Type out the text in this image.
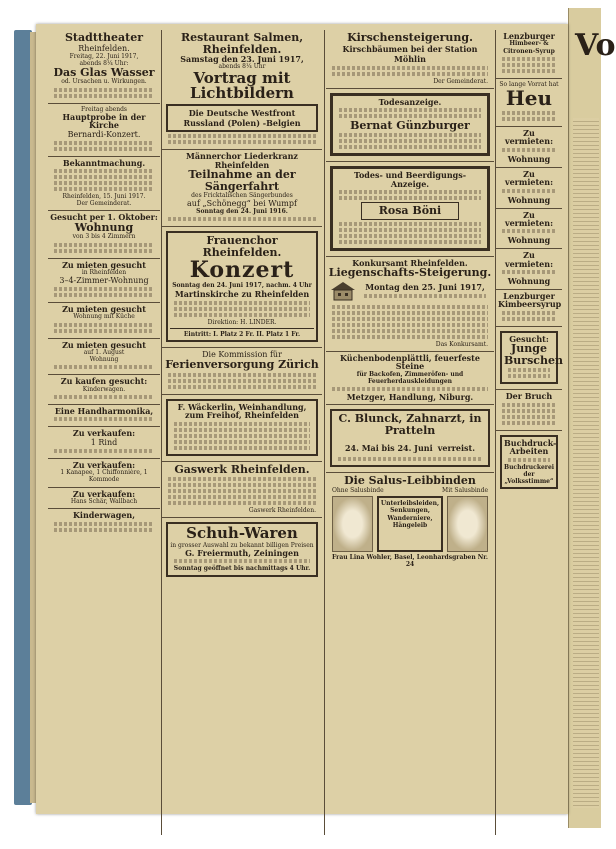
Vo
Stadttheater
Rheinfelden.
Freitag, 22. Juni 1917,
abends 8¼ Uhr:
Das Glas Wasser
od. Ursachen u. Wirkungen.
Freitag abends
Hauptprobe in der Kirche
Bernardi-Konzert.
Bekanntmachung.
Rheinfelden, 15. Juni 1917.
Der Gemeinderat.
Gesucht per 1. Oktober:
Wohnung
von 3 bis 4 Zimmern
Zu mieten gesucht
in Rheinfelden
3–4-Zimmer-Wohnung
Zu mieten gesucht
Wohnung mit Küche
Zu mieten gesucht
auf 1. August
Wohnung
Zu kaufen gesucht:
Kinderwagen.
Eine Handharmonika,
Zu verkaufen:
1 Rind
Zu verkaufen:
1 Kanapee, 1 Chiffonnière, 1 Kommode
Zu verkaufen:
Hans Schär, Wallbach
Kinderwagen,
Restaurant Salmen, Rheinfelden.
Samstag den 23. Juni 1917,
abends 8¼ Uhr
Vortrag mit Lichtbildern
Die Deutsche Westfront
Russland (Polen) -Belgien
Männerchor Liederkranz Rheinfelden
Teilnahme an der Sängerfahrt
des Fricktalischen Sängerbundes
auf „Schönegg“ bei Wumpf
Sonntag den 24. Juni 1916.
Frauenchor Rheinfelden.
Konzert
Sonntag den 24. Juni 1917, nachm. 4 Uhr
Martinskirche zu Rheinfelden
Direktion: H. LINDER.
Eintritt: I. Platz 2 Fr. II. Platz 1 Fr.
Die Kommission für
Ferienversorgung Zürich
F. Wäckerlin, Weinhandlung,
zum Freihof, Rheinfelden
Gaswerk Rheinfelden.
Gaswerk Rheinfelden.
Schuh-Waren
in grosser Auswahl zu bekannt billigen Preisen
G. Freiermuth, Zeiningen
Sonntag geöffnet bis nachmittags 4 Uhr.
Kirschensteigerung.
Kirschbäumen bei der Station Möhlin
Der Gemeinderat.
Todesanzeige.
Bernat Günzburger
Todes- und Beerdigungs-Anzeige.
Rosa Böni
Konkursamt Rheinfelden.
Liegenschafts-Steigerung.
Montag den 25. Juni 1917,
Das Konkursamt.
Küchenbodenplättli, feuerfeste Steine
für Backofen, Zimmeröfen- und Feuerherdauskleidungen
Metzger, Handlung, Niburg.
C. Blunck, Zahnarzt, in Pratteln
24. Mai bis 24. Juni verreist.
Die Salus-Leibbinden
Ohne Salusbinde	Mit Salusbinde
Unterleibsleiden, Senkungen, Wanderniere, Hängeleib
Frau Lina Wohler, Basel, Leonhardsgraben Nr. 24
Lenzburger
Himbeer- & Citronen-Syrup
So lange Vorrat hat
Heu
Zu vermieten:
Wohnung
Zu vermieten:
Wohnung
Zu vermieten:
Wohnung
Zu vermieten:
Wohnung
Lenzburger
Kimbeersyrup
Gesucht:
Junge Burschen
Der Bruch
Buchdruck-Arbeiten
Buchdruckerei der „Volksstimme“
